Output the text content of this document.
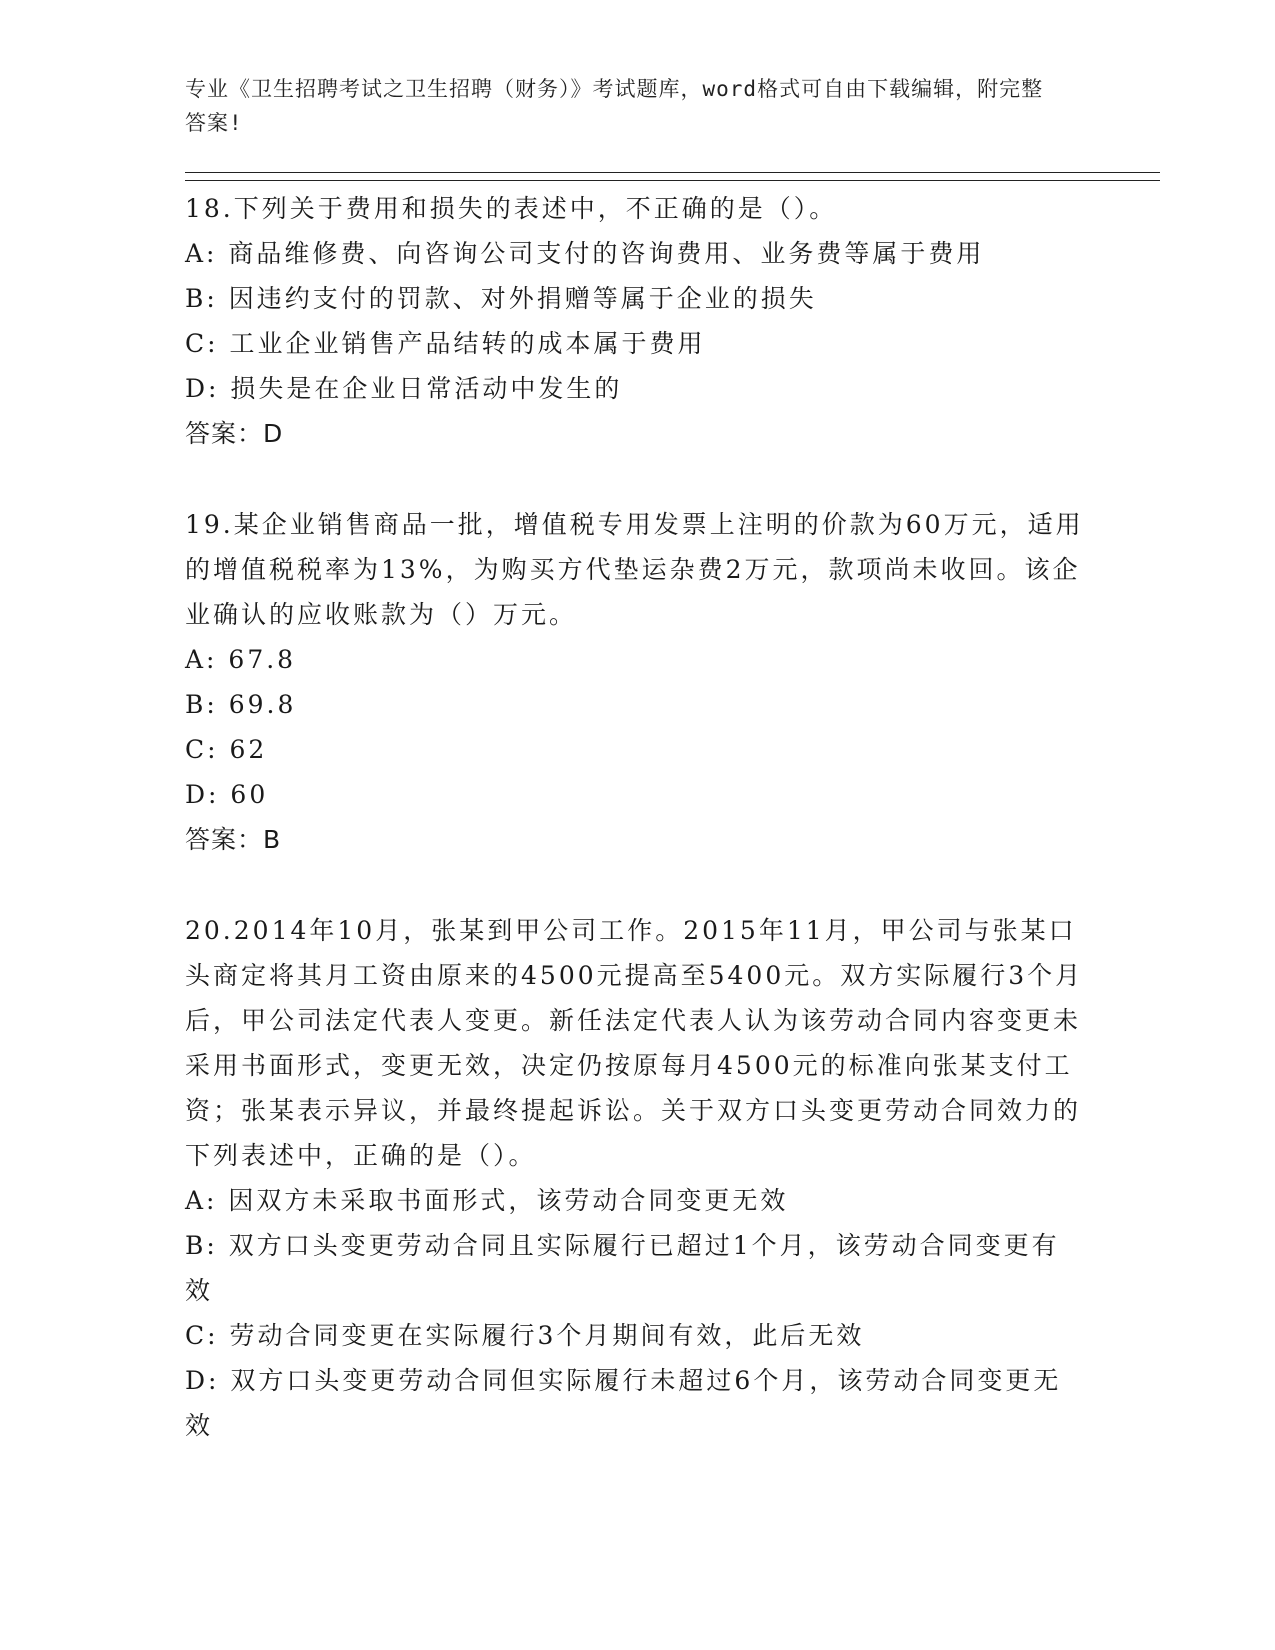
专业《卫生招聘考试之卫生招聘（财务）》考试题库，word格式可自由下载编辑，附完整答案!

18.下列关于费用和损失的表述中，不正确的是（）。

A: 商品维修费、向咨询公司支付的咨询费用、业务费等属于费用

B: 因违约支付的罚款、对外捐赠等属于企业的损失

C: 工业企业销售产品结转的成本属于费用

D: 损失是在企业日常活动中发生的

答案：D

19.某企业销售商品一批，增值税专用发票上注明的价款为60万元，适用的增值税税率为13%，为购买方代垫运杂费2万元，款项尚未收回。该企业确认的应收账款为（）万元。

A: 67.8

B: 69.8

C: 62

D: 60

答案：B

20.2014年10月，张某到甲公司工作。2015年11月，甲公司与张某口头商定将其月工资由原来的4500元提高至5400元。双方实际履行3个月后，甲公司法定代表人变更。新任法定代表人认为该劳动合同内容变更未采用书面形式，变更无效，决定仍按原每月4500元的标准向张某支付工资；张某表示异议，并最终提起诉讼。关于双方口头变更劳动合同效力的下列表述中，正确的是（）。

A: 因双方未采取书面形式，该劳动合同变更无效

B: 双方口头变更劳动合同且实际履行已超过1个月，该劳动合同变更有效

C: 劳动合同变更在实际履行3个月期间有效，此后无效

D: 双方口头变更劳动合同但实际履行未超过6个月，该劳动合同变更无效
